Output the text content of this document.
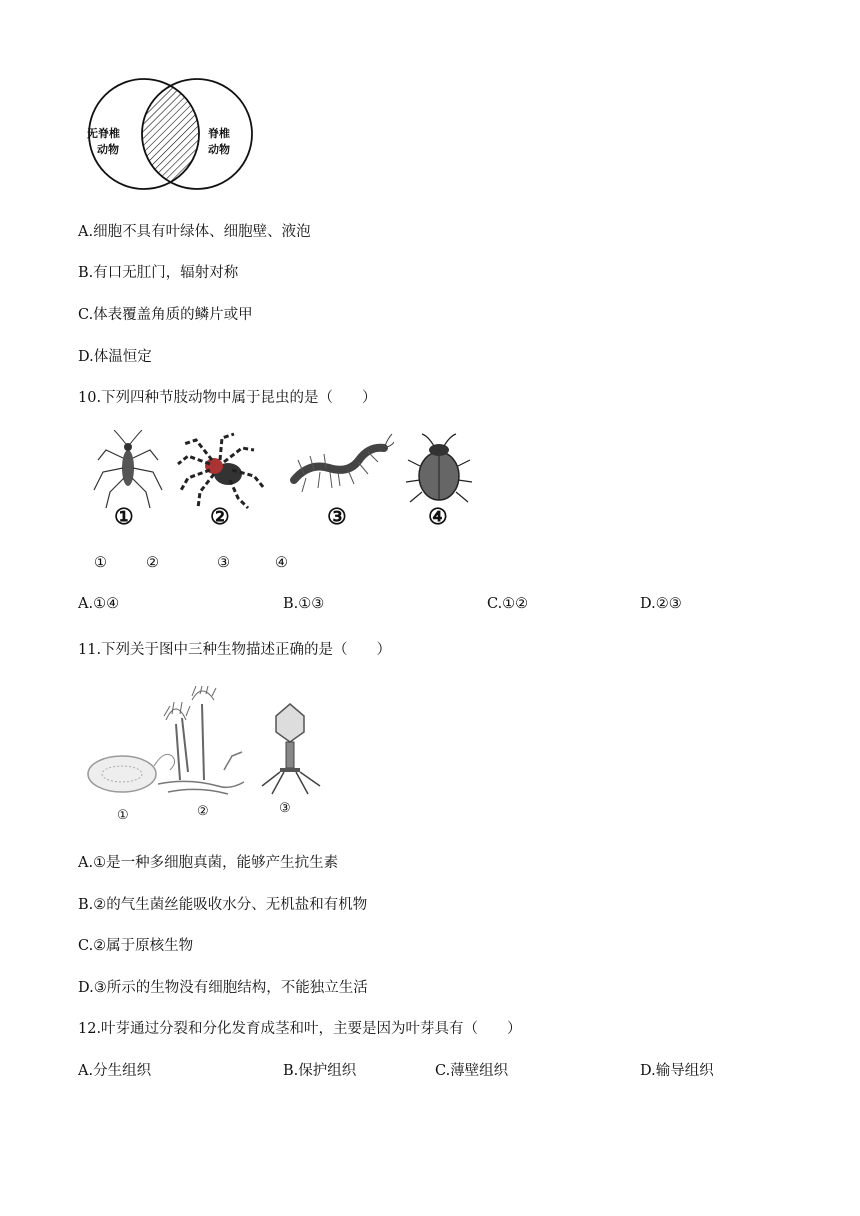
无脊椎
动物
脊椎
动物
A.细胞不具有叶绿体、细胞壁、液泡
B.有口无肛门，辐射对称
C.体表覆盖角质的鳞片或甲
D.体温恒定
10.下列四种节肢动物中属于昆虫的是（　　）
①	②	③	④
①	②	③	④
A.①④	B.①③	C.①②	D.②③
11.下列关于图中三种生物描述正确的是（　　）
①	②	③
A.①是一种多细胞真菌，能够产生抗生素
B.②的气生菌丝能吸收水分、无机盐和有机物
C.②属于原核生物
D.③所示的生物没有细胞结构，不能独立生活
12.叶芽通过分裂和分化发育成茎和叶，主要是因为叶芽具有（　　）
A.分生组织	B.保护组织	C.薄壁组织	D.输导组织
